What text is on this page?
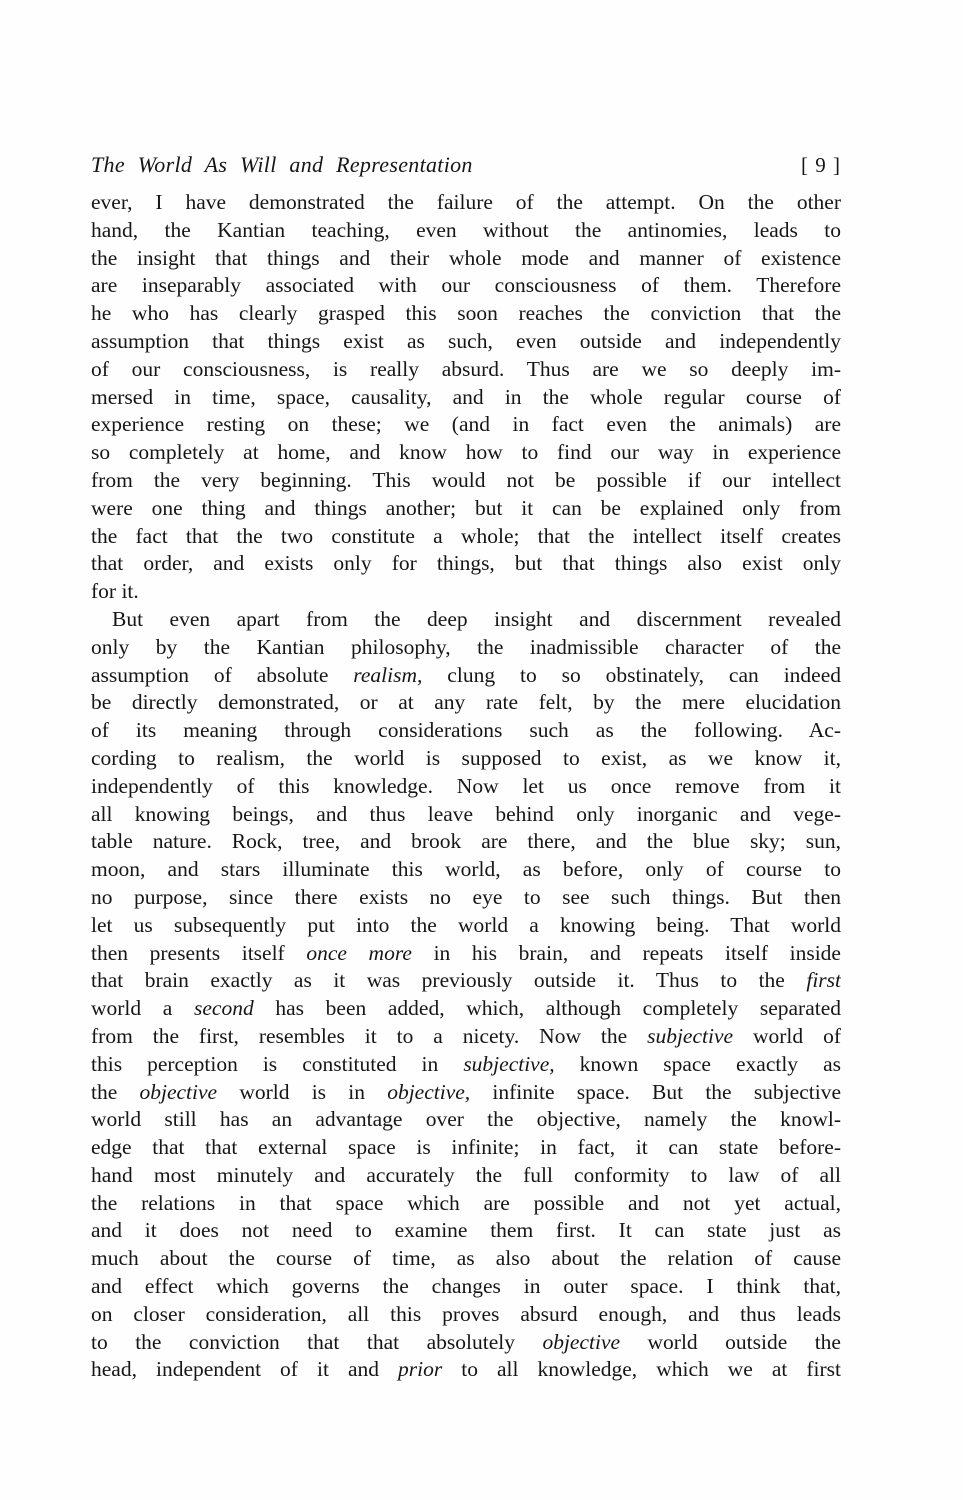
The World As Will and Representation	[ 9 ]
ever, I have demonstrated the failure of the attempt. On the other
hand, the Kantian teaching, even without the antinomies, leads to
the insight that things and their whole mode and manner of existence
are inseparably associated with our consciousness of them. Therefore
he who has clearly grasped this soon reaches the conviction that the
assumption that things exist as such, even outside and independently
of our consciousness, is really absurd. Thus are we so deeply im-
mersed in time, space, causality, and in the whole regular course of
experience resting on these; we (and in fact even the animals) are
so completely at home, and know how to find our way in experience
from the very beginning. This would not be possible if our intellect
were one thing and things another; but it can be explained only from
the fact that the two constitute a whole; that the intellect itself creates
that order, and exists only for things, but that things also exist only
for it.
But even apart from the deep insight and discernment revealed
only by the Kantian philosophy, the inadmissible character of the
assumption of absolute realism, clung to so obstinately, can indeed
be directly demonstrated, or at any rate felt, by the mere elucidation
of its meaning through considerations such as the following. Ac-
cording to realism, the world is supposed to exist, as we know it,
independently of this knowledge. Now let us once remove from it
all knowing beings, and thus leave behind only inorganic and vege-
table nature. Rock, tree, and brook are there, and the blue sky; sun,
moon, and stars illuminate this world, as before, only of course to
no purpose, since there exists no eye to see such things. But then
let us subsequently put into the world a knowing being. That world
then presents itself once more in his brain, and repeats itself inside
that brain exactly as it was previously outside it. Thus to the first
world a second has been added, which, although completely separated
from the first, resembles it to a nicety. Now the subjective world of
this perception is constituted in subjective, known space exactly as
the objective world is in objective, infinite space. But the subjective
world still has an advantage over the objective, namely the knowl-
edge that that external space is infinite; in fact, it can state before-
hand most minutely and accurately the full conformity to law of all
the relations in that space which are possible and not yet actual,
and it does not need to examine them first. It can state just as
much about the course of time, as also about the relation of cause
and effect which governs the changes in outer space. I think that,
on closer consideration, all this proves absurd enough, and thus leads
to the conviction that that absolutely objective world outside the
head, independent of it and prior to all knowledge, which we at first
